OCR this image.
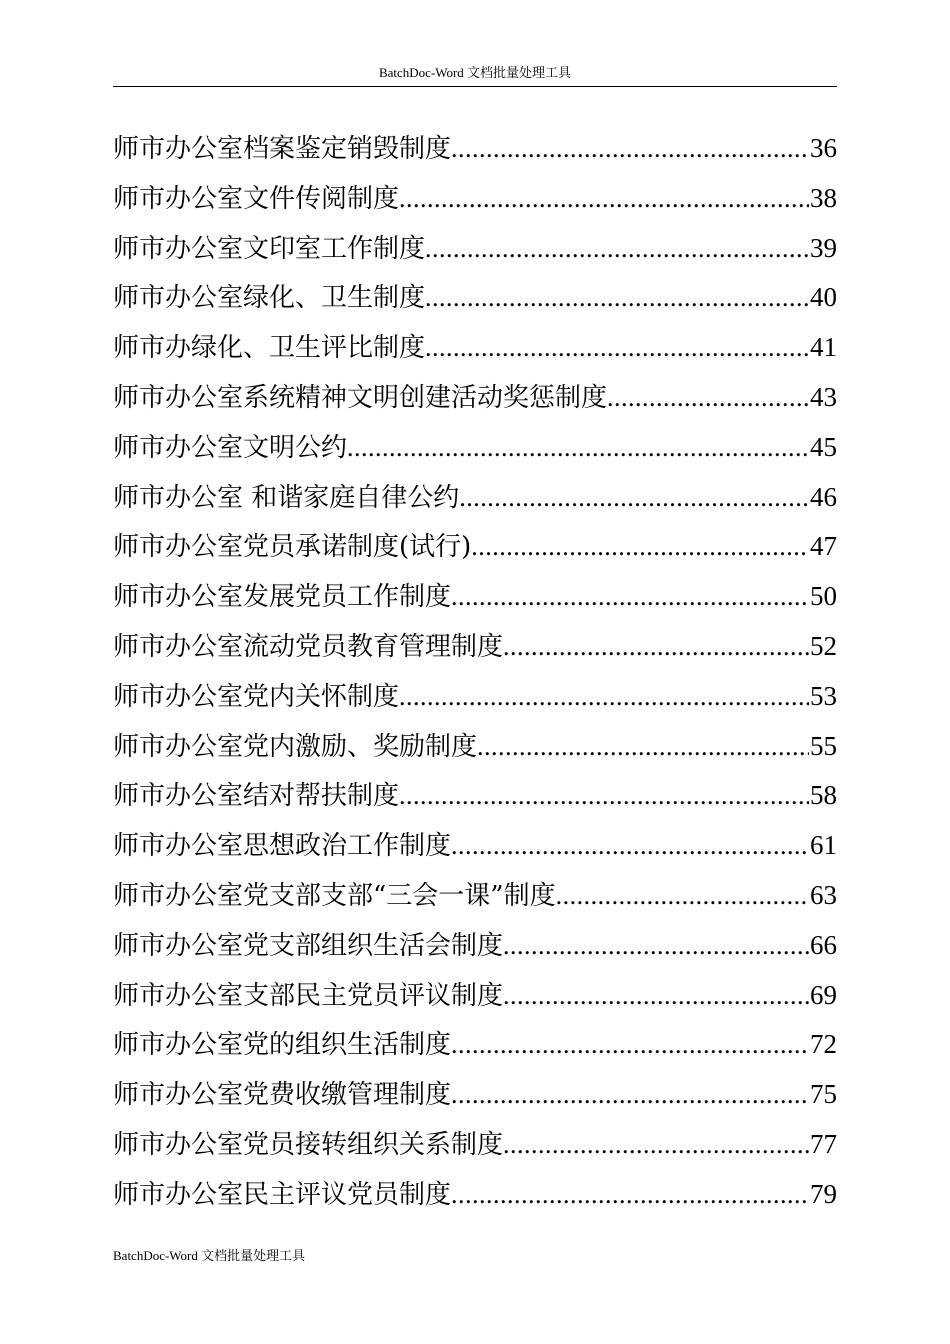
BatchDoc-Word 文档批量处理工具
师市办公室档案鉴定销毁制度 .....	36
师市办公室文件传阅制度 .....	38
师市办公室文印室工作制度 .....	39
师市办公室绿化、卫生制度 .....	40
师市办绿化、卫生评比制度 .....	41
师市办公室系统精神文明创建活动奖惩制度 .....	43
师市办公室文明公约 .....	45
师市办公室 和谐家庭自律公约 .....	46
师市办公室党员承诺制度(试行) .....	47
师市办公室发展党员工作制度 .....	50
师市办公室流动党员教育管理制度 .....	52
师市办公室党内关怀制度 .....	53
师市办公室党内激励、奖励制度 .....	55
师市办公室结对帮扶制度 .....	58
师市办公室思想政治工作制度 .....	61
师市办公室党支部支部“三会一课”制度 .....	63
师市办公室党支部组织生活会制度 .....	66
师市办公室支部民主党员评议制度 .....	69
师市办公室党的组织生活制度 .....	72
师市办公室党费收缴管理制度 .....	75
师市办公室党员接转组织关系制度 .....	77
师市办公室民主评议党员制度 .....	79
BatchDoc-Word 文档批量处理工具
